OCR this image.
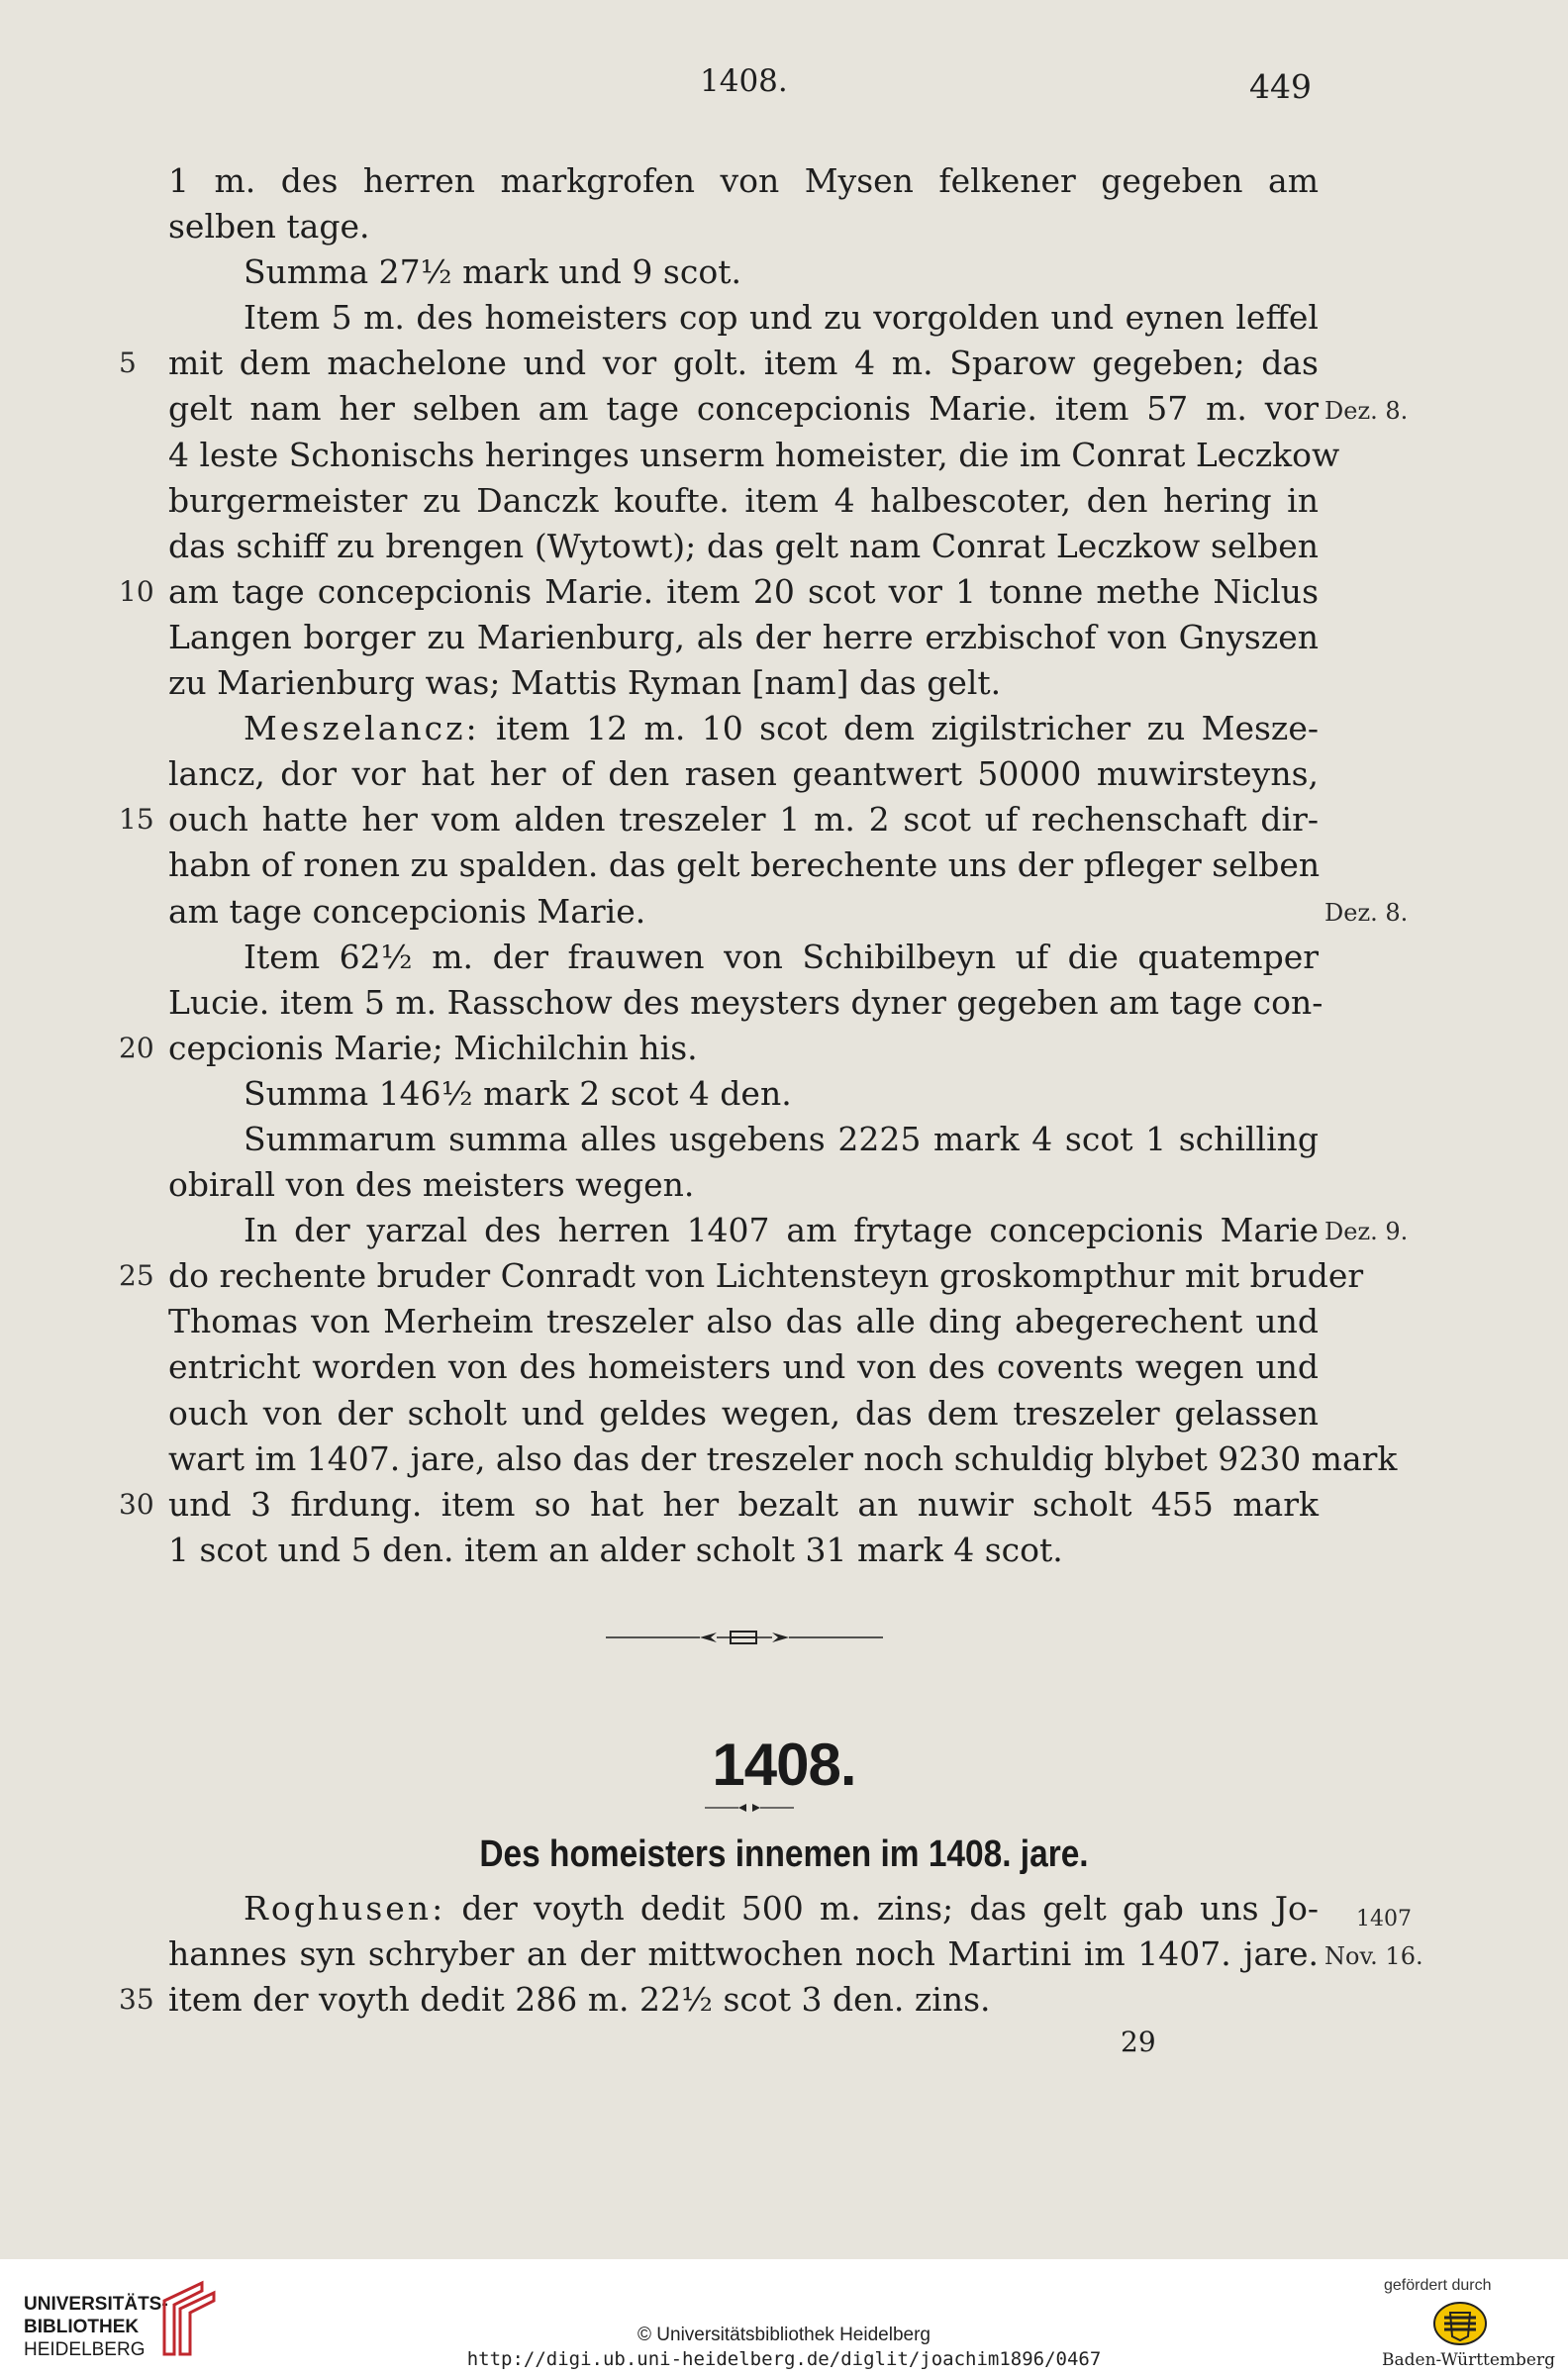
1408.	449
1 m. des herren markgrofen von Mysen felkener gegeben am
selben tage.
Summa 27½ mark und 9 scot.
Item 5 m. des homeisters cop und zu vorgolden und eynen leffel
mit dem machelone und vor golt. item 4 m. Sparow gegeben; das
gelt nam her selben am tage concepcionis Marie. item 57 m. vor
4 leste Schonischs heringes unserm homeister, die im Conrat Leczkow
burgermeister zu Danczk koufte. item 4 halbescoter, den hering in
das schiff zu brengen (Wytowt); das gelt nam Conrat Leczkow selben
am tage concepcionis Marie. item 20 scot vor 1 tonne methe Niclus
Langen borger zu Marienburg, als der herre erzbischof von Gnyszen
zu Marienburg was; Mattis Ryman [nam] das gelt.
Meszelancz: item 12 m. 10 scot dem zigilstricher zu Mesze-
lancz, dor vor hat her of den rasen geantwert 50000 muwirsteyns,
ouch hatte her vom alden treszeler 1 m. 2 scot uf rechenschaft dir-
habn of ronen zu spalden. das gelt berechente uns der pfleger selben
am tage concepcionis Marie.
Item 62½ m. der frauwen von Schibilbeyn uf die quatemper
Lucie. item 5 m. Rasschow des meysters dyner gegeben am tage con-
cepcionis Marie; Michilchin his.
Summa 146½ mark 2 scot 4 den.
Summarum summa alles usgebens 2225 mark 4 scot 1 schilling
obirall von des meisters wegen.
In der yarzal des herren 1407 am frytage concepcionis Marie
do rechente bruder Conradt von Lichtensteyn groskompthur mit bruder
Thomas von Merheim treszeler also das alle ding abegerechent und
entricht worden von des homeisters und von des covents wegen und
ouch von der scholt und geldes wegen, das dem treszeler gelassen
wart im 1407. jare, also das der treszeler noch schuldig blybet 9230 mark
und 3 firdung. item so hat her bezalt an nuwir scholt 455 mark
1 scot und 5 den. item an alder scholt 31 mark 4 scot.
5
10
15
20
25
30
Dez. 8.
Dez. 8.
Dez. 9.
1408.
Des homeisters innemen im 1408. jare.
Roghusen: der voyth dedit 500 m. zins; das gelt gab uns Jo-
hannes syn schryber an der mittwochen noch Martini im 1407. jare.
item der voyth dedit 286 m. 22½ scot 3 den. zins.
35
1407
Nov. 16.
29
UNIVERSITÄTS-
BIBLIOTHEK
HEIDELBERG
© Universitätsbibliothek Heidelberg
http://digi.ub.uni-heidelberg.de/diglit/joachim1896/0467
gefördert durch
Baden-Württemberg
